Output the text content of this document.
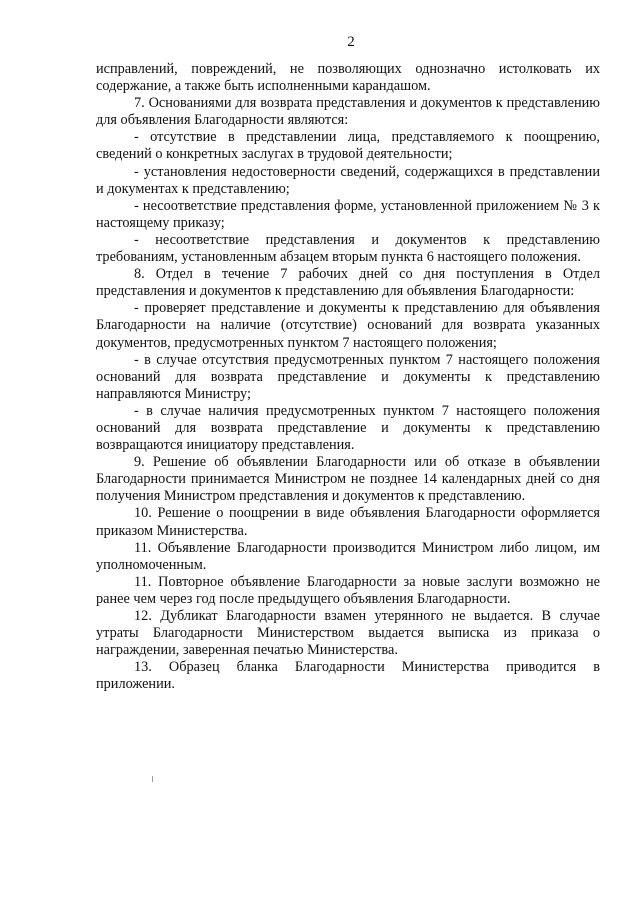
2

исправлений, повреждений, не позволяющих однозначно истолковать их содержание, а также быть исполненными карандашом.

7. Основаниями для возврата представления и документов к представлению для объявления Благодарности являются:

- отсутствие в представлении лица, представляемого к поощрению, сведений о конкретных заслугах в трудовой деятельности;

- установления недостоверности сведений, содержащихся в представлении и документах к представлению;

- несоответствие представления форме, установленной приложением № 3 к настоящему приказу;

- несоответствие представления и документов к представлению требованиям, установленным абзацем вторым пункта 6 настоящего положения.

8. Отдел в течение 7 рабочих дней со дня поступления в Отдел представления и документов к представлению для объявления Благодарности:

- проверяет представление и документы к представлению для объявления Благодарности на наличие (отсутствие) оснований для возврата указанных документов, предусмотренных пунктом 7 настоящего положения;

- в случае отсутствия предусмотренных пунктом 7 настоящего положения оснований для возврата представление и документы к представлению направляются Министру;

- в случае наличия предусмотренных пунктом 7 настоящего положения оснований для возврата представление и документы к представлению возвращаются инициатору представления.

9. Решение об объявлении Благодарности или об отказе в объявлении Благодарности принимается Министром не позднее 14 календарных дней со дня получения Министром представления и документов к представлению.

10. Решение о поощрении в виде объявления Благодарности оформляется приказом Министерства.

11. Объявление Благодарности производится Министром либо лицом, им уполномоченным.

11. Повторное объявление Благодарности за новые заслуги возможно не ранее чем через год после предыдущего объявления Благодарности.

12. Дубликат Благодарности взамен утерянного не выдается. В случае утраты Благодарности Министерством выдается выписка из приказа о награждении, заверенная печатью Министерства.

13. Образец бланка Благодарности Министерства приводится в приложении.
